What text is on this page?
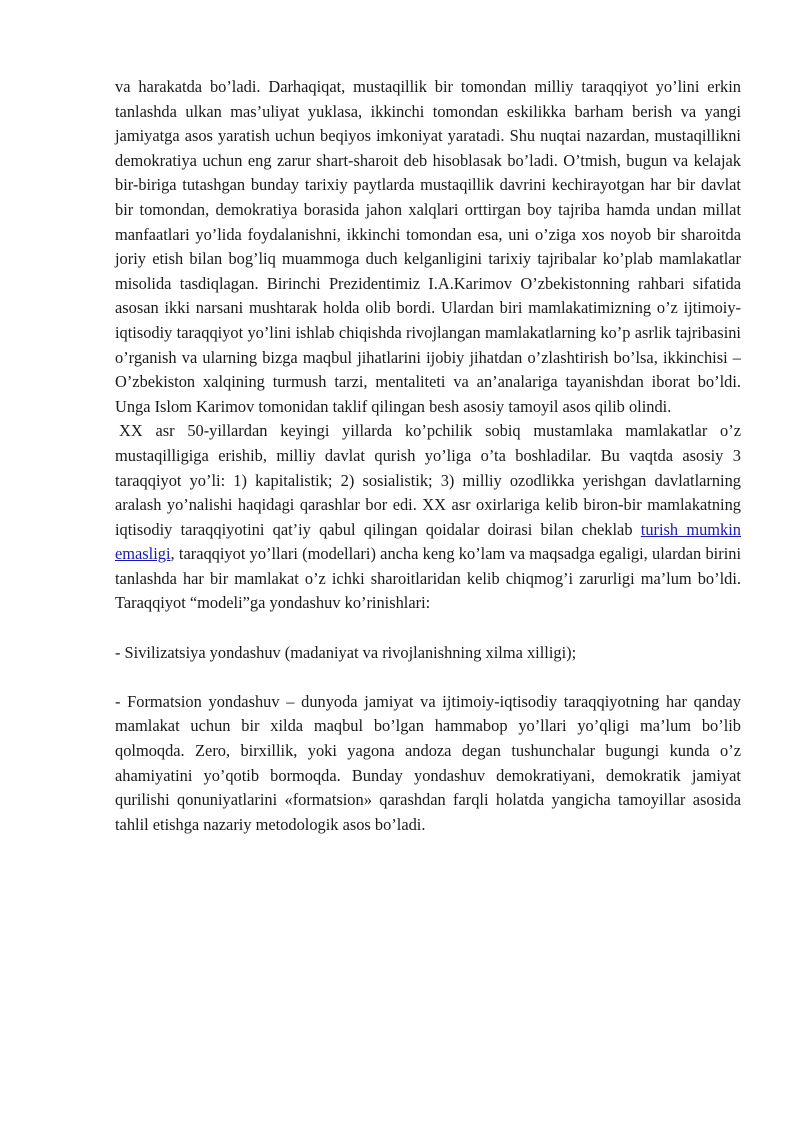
va harakatda bo’ladi. Darhaqiqat, mustaqillik bir tomondan milliy taraqqiyot yo’lini erkin tanlashda ulkan mas’uliyat yuklasa, ikkinchi tomondan eskilikka barham berish va yangi jamiyatga asos yaratish uchun beqiyos imkoniyat yaratadi. Shu nuqtai nazardan, mustaqillikni demokratiya uchun eng zarur shart-sharoit deb hisoblasak bo’ladi. O’tmish, bugun va kelajak bir-biriga tutashgan bunday tarixiy paytlarda mustaqillik davrini kechirayotgan har bir davlat bir tomondan, demokratiya borasida jahon xalqlari orttirgan boy tajriba hamda undan millat manfaatlari yo’lida foydalanishni, ikkinchi tomondan esa, uni o’ziga xos noyob bir sharoitda joriy etish bilan bog’liq muammoga duch kelganligini tarixiy tajribalar ko’plab mamlakatlar misolida tasdiqlagan. Birinchi Prezidentimiz I.A.Karimov O’zbekistonning rahbari sifatida asosan ikki narsani mushtarak holda olib bordi. Ulardan biri mamlakatimizning o’z ijtimoiy-iqtisodiy taraqqiyot yo’lini ishlab chiqishda rivojlangan mamlakatlarning ko’p asrlik tajribasini o’rganish va ularning bizga maqbul jihatlarini ijobiy jihatdan o’zlashtirish bo’lsa, ikkinchisi – O’zbekiston xalqining turmush tarzi, mentaliteti va an’analariga tayanishdan iborat bo’ldi. Unga Islom Karimov tomonidan taklif qilingan besh asosiy tamoyil asos qilib olindi.

XX asr 50-yillardan keyingi yillarda ko’pchilik sobiq mustamlaka mamlakatlar o’z mustaqilligiga erishib, milliy davlat qurish yo’liga o’ta boshladilar. Bu vaqtda asosiy 3 taraqqiyot yo’li: 1) kapitalistik; 2) sosialistik; 3) milliy ozodlikka yerishgan davlatlarning aralash yo’nalishi haqidagi qarashlar bor edi. XX asr oxirlariga kelib biron-bir mamlakatning iqtisodiy taraqqiyotini qat’iy qabul qilingan qoidalar doirasi bilan cheklab turish mumkin emasligi, taraqqiyot yo’llari (modellari) ancha keng ko’lam va maqsadga egaligi, ulardan birini tanlashda har bir mamlakat o’z ichki sharoitlaridan kelib chiqmog’i zarurligi ma’lum bo’ldi. Taraqqiyot “modeli”ga yondashuv ko’rinishlari:

- Sivilizatsiya yondashuv (madaniyat va rivojlanishning xilma xilligi);

- Formatsion yondashuv – dunyoda jamiyat va ijtimoiy-iqtisodiy taraqqiyotning har qanday mamlakat uchun bir xilda maqbul bo’lgan hammabop yo’llari yo’qligi ma’lum bo’lib qolmoqda. Zero, birxillik, yoki yagona andoza degan tushunchalar bugungi kunda o’z ahamiyatini yo’qotib bormoqda. Bunday yondashuv demokratiyani, demokratik jamiyat qurilishi qonuniyatlarini «formatsion» qarashdan farqli holatda yangicha tamoyillar asosida tahlil etishga nazariy metodologik asos bo’ladi.
